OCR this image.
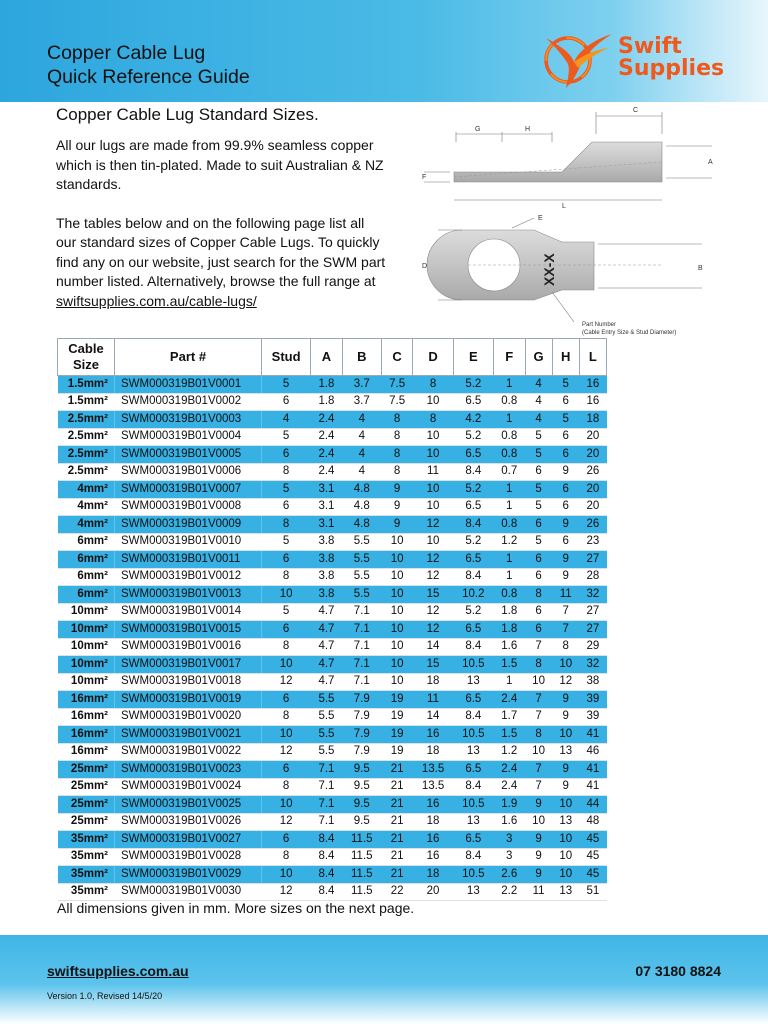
Copper Cable Lug
Quick Reference Guide
Swift
Supplies
Copper Cable Lug Standard Sizes.

All our lugs are made from 99.9% seamless copper which is then tin-plated. Made to suit Australian & NZ standards.

The tables below and on the following page list all our standard sizes of Copper Cable Lugs. To quickly find any on our website, just search for the SWM part number listed. Alternatively, browse the full range at swiftsupplies.com.au/cable-lugs/

C
G	H
A
F
L
E
XX-X
D	B
Part Number
(Cable Entry Size & Stud Diameter)
Cable Size	Part #	Stud	A	B	C	D	E	F	G	H	L
1.5mm²	SWM000319B01V0001	5	1.8	3.7	7.5	8	5.2	1	4	5	16
1.5mm²	SWM000319B01V0002	6	1.8	3.7	7.5	10	6.5	0.8	4	6	16
2.5mm²	SWM000319B01V0003	4	2.4	4	8	8	4.2	1	4	5	18
2.5mm²	SWM000319B01V0004	5	2.4	4	8	10	5.2	0.8	5	6	20
2.5mm²	SWM000319B01V0005	6	2.4	4	8	10	6.5	0.8	5	6	20
2.5mm²	SWM000319B01V0006	8	2.4	4	8	11	8.4	0.7	6	9	26
4mm²	SWM000319B01V0007	5	3.1	4.8	9	10	5.2	1	5	6	20
4mm²	SWM000319B01V0008	6	3.1	4.8	9	10	6.5	1	5	6	20
4mm²	SWM000319B01V0009	8	3.1	4.8	9	12	8.4	0.8	6	9	26
6mm²	SWM000319B01V0010	5	3.8	5.5	10	10	5.2	1.2	5	6	23
6mm²	SWM000319B01V0011	6	3.8	5.5	10	12	6.5	1	6	9	27
6mm²	SWM000319B01V0012	8	3.8	5.5	10	12	8.4	1	6	9	28
6mm²	SWM000319B01V0013	10	3.8	5.5	10	15	10.2	0.8	8	11	32
10mm²	SWM000319B01V0014	5	4.7	7.1	10	12	5.2	1.8	6	7	27
10mm²	SWM000319B01V0015	6	4.7	7.1	10	12	6.5	1.8	6	7	27
10mm²	SWM000319B01V0016	8	4.7	7.1	10	14	8.4	1.6	7	8	29
10mm²	SWM000319B01V0017	10	4.7	7.1	10	15	10.5	1.5	8	10	32
10mm²	SWM000319B01V0018	12	4.7	7.1	10	18	13	1	10	12	38
16mm²	SWM000319B01V0019	6	5.5	7.9	19	11	6.5	2.4	7	9	39
16mm²	SWM000319B01V0020	8	5.5	7.9	19	14	8.4	1.7	7	9	39
16mm²	SWM000319B01V0021	10	5.5	7.9	19	16	10.5	1.5	8	10	41
16mm²	SWM000319B01V0022	12	5.5	7.9	19	18	13	1.2	10	13	46
25mm²	SWM000319B01V0023	6	7.1	9.5	21	13.5	6.5	2.4	7	9	41
25mm²	SWM000319B01V0024	8	7.1	9.5	21	13.5	8.4	2.4	7	9	41
25mm²	SWM000319B01V0025	10	7.1	9.5	21	16	10.5	1.9	9	10	44
25mm²	SWM000319B01V0026	12	7.1	9.5	21	18	13	1.6	10	13	48
35mm²	SWM000319B01V0027	6	8.4	11.5	21	16	6.5	3	9	10	45
35mm²	SWM000319B01V0028	8	8.4	11.5	21	16	8.4	3	9	10	45
35mm²	SWM000319B01V0029	10	8.4	11.5	21	18	10.5	2.6	9	10	45
35mm²	SWM000319B01V0030	12	8.4	11.5	22	20	13	2.2	11	13	51
All dimensions given in mm. More sizes on the next page.
swiftsupplies.com.au	07 3180 8824
Version 1.0, Revised 14/5/20
